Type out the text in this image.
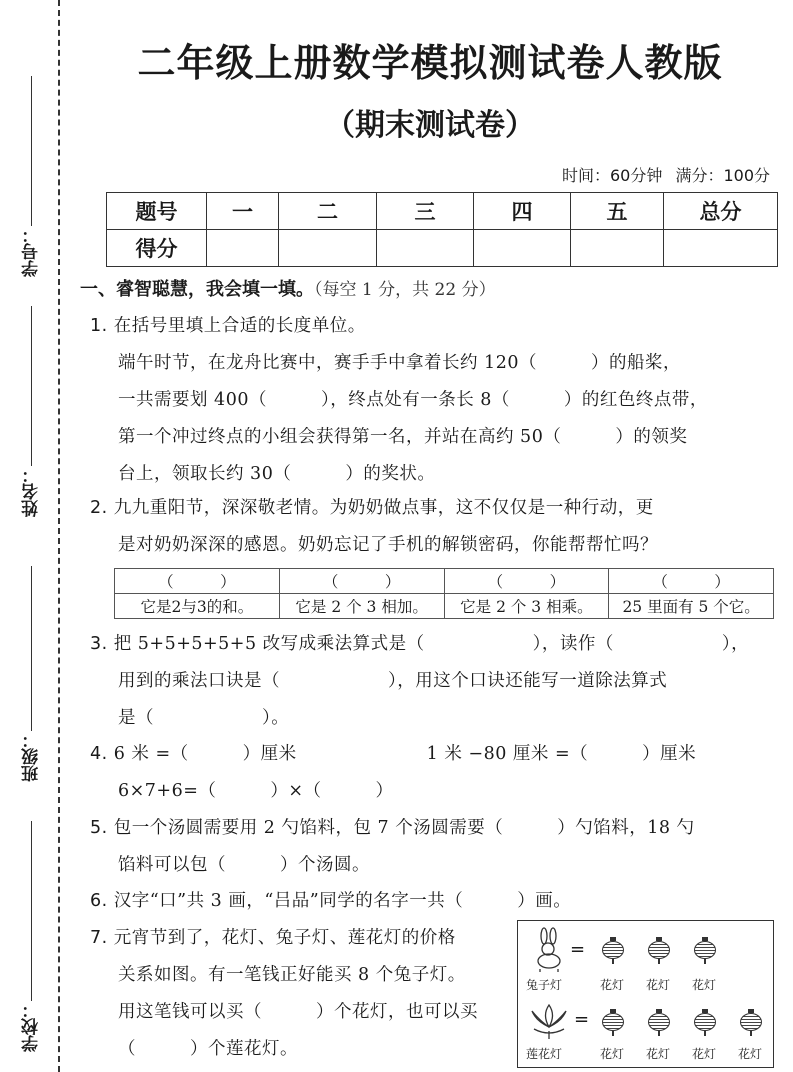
学号：
姓名：
班级：
学校：
二年级上册数学模拟测试卷人教版
（期末测试卷）
时间：60分钟 满分：100分
题号	一	二	三	四	五	总分
得分						
一、睿智聪慧，我会填一填。（每空 1 分，共 22 分）
1. 在括号里填上合适的长度单位。
端午时节，在龙舟比赛中，赛手手中拿着长约 120（　　　）的船桨，
一共需要划 400（　　　），终点处有一条长 8（　　　）的红色终点带，
第一个冲过终点的小组会获得第一名，并站在高约 50（　　　）的领奖
台上，领取长约 30（　　　）的奖状。
2. 九九重阳节，深深敬老情。为奶奶做点事，这不仅仅是一种行动，更
是对奶奶深深的感恩。奶奶忘记了手机的解锁密码，你能帮帮忙吗？
（　　　）	（　　　）	（　　　）	（　　　）
它是2与3的和。	它是 2 个 3 相加。	它是 2 个 3 相乘。	25 里面有 5 个它。
3. 把 5+5+5+5+5 改写成乘法算式是（　　　　　　），读作（　　　　　　），
用到的乘法口诀是（　　　　　　），用这个口诀还能写一道除法算式
是（　　　　　　）。
4. 6 米 =（　　　）厘米	1 米 −80 厘米 =（　　　）厘米
6×7+6=（　　　）×（　　　）
5. 包一个汤圆需要用 2 勺馅料，包 7 个汤圆需要（　　　）勺馅料，18 勺
馅料可以包（　　　）个汤圆。
6. 汉字“口”共 3 画，“吕品”同学的名字一共（　　　）画。
7. 元宵节到了，花灯、兔子灯、莲花灯的价格
关系如图。有一笔钱正好能买 8 个兔子灯。
用这笔钱可以买（　　　）个花灯，也可以买
（　　　）个莲花灯。
兔子灯
=
花灯 花灯 花灯
莲花灯
=
花灯 花灯 花灯 花灯
